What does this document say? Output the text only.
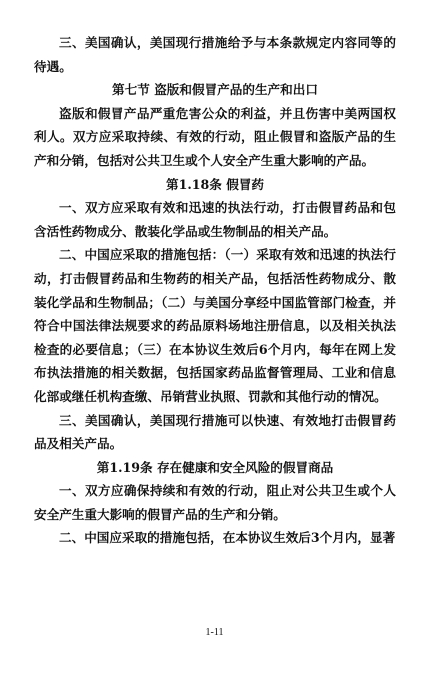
三、美国确认，美国现行措施给予与本条款规定内容同等的待遇。

第七节 盗版和假冒产品的生产和出口

盗版和假冒产品严重危害公众的利益，并且伤害中美两国权利人。双方应采取持续、有效的行动，阻止假冒和盗版产品的生产和分销，包括对公共卫生或个人安全产生重大影响的产品。

第1.18条 假冒药

一、双方应采取有效和迅速的执法行动，打击假冒药品和包含活性药物成分、散装化学品或生物制品的相关产品。

二、中国应采取的措施包括：（一）采取有效和迅速的执法行动，打击假冒药品和生物药的相关产品，包括活性药物成分、散装化学品和生物制品；（二）与美国分享经中国监管部门检查，并符合中国法律法规要求的药品原料场地注册信息，以及相关执法检查的必要信息；（三）在本协议生效后6个月内，每年在网上发布执法措施的相关数据，包括国家药品监督管理局、工业和信息化部或继任机构查缴、吊销营业执照、罚款和其他行动的情况。

三、美国确认，美国现行措施可以快速、有效地打击假冒药品及相关产品。

第1.19条 存在健康和安全风险的假冒商品

一、双方应确保持续和有效的行动，阻止对公共卫生或个人安全产生重大影响的假冒产品的生产和分销。

二、中国应采取的措施包括，在本协议生效后3个月内，显著

1-11
